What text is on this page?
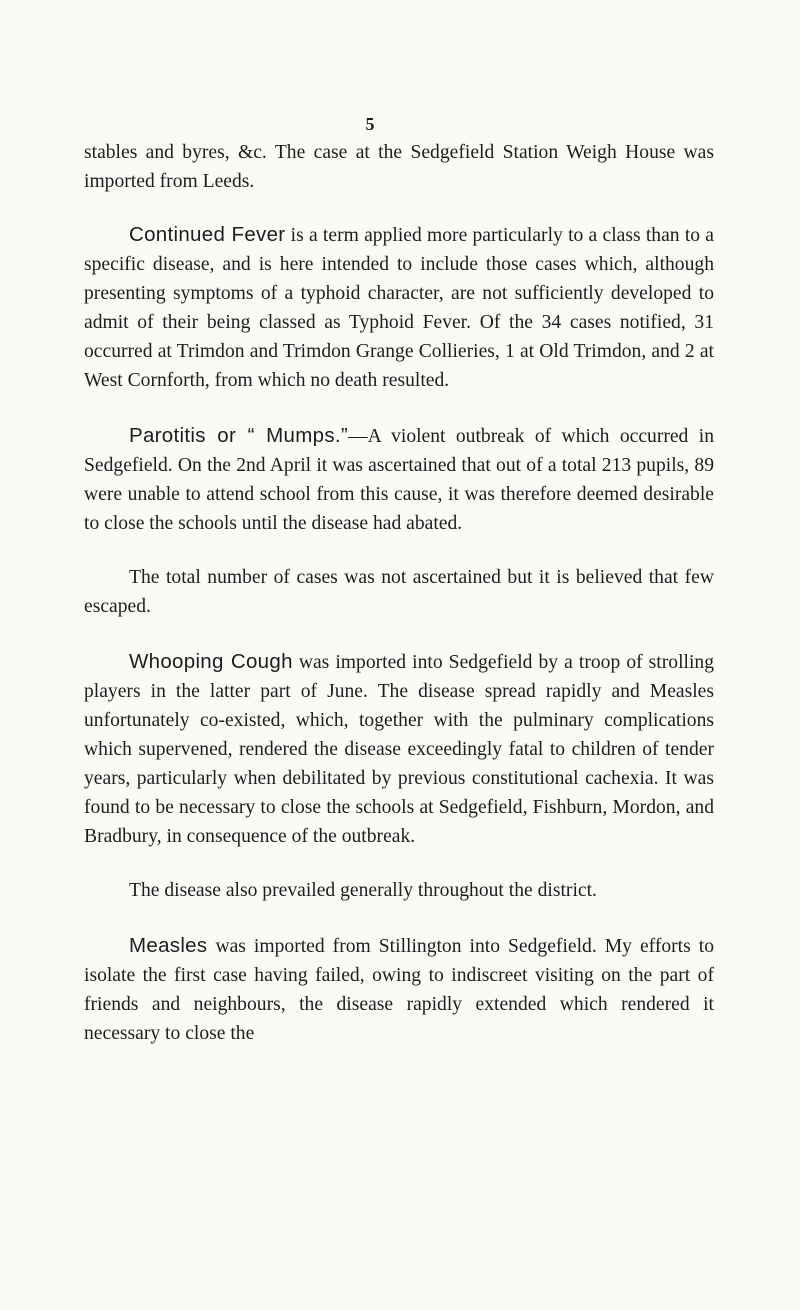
5

stables and byres, &c. The case at the Sedgefield Station Weigh House was imported from Leeds.

Continued Fever is a term applied more particularly to a class than to a specific disease, and is here intended to include those cases which, although presenting symptoms of a typhoid character, are not sufficiently developed to admit of their being classed as Typhoid Fever. Of the 34 cases notified, 31 occurred at Trimdon and Trimdon Grange Collieries, 1 at Old Trimdon, and 2 at West Cornforth, from which no death resulted.

Parotitis or “ Mumps.”—A violent outbreak of which occurred in Sedgefield. On the 2nd April it was ascertained that out of a total 213 pupils, 89 were unable to attend school from this cause, it was therefore deemed desirable to close the schools until the disease had abated.

The total number of cases was not ascertained but it is believed that few escaped.

Whooping Cough was imported into Sedgefield by a troop of strolling players in the latter part of June. The disease spread rapidly and Measles unfortunately co-existed, which, together with the pulminary complications which supervened, rendered the disease exceedingly fatal to children of tender years, particularly when debilitated by previous constitutional cachexia. It was found to be necessary to close the schools at Sedgefield, Fishburn, Mordon, and Bradbury, in consequence of the outbreak.

The disease also prevailed generally throughout the district.

Measles was imported from Stillington into Sedgefield. My efforts to isolate the first case having failed, owing to indiscreet visiting on the part of friends and neighbours, the disease rapidly extended which rendered it necessary to close the
